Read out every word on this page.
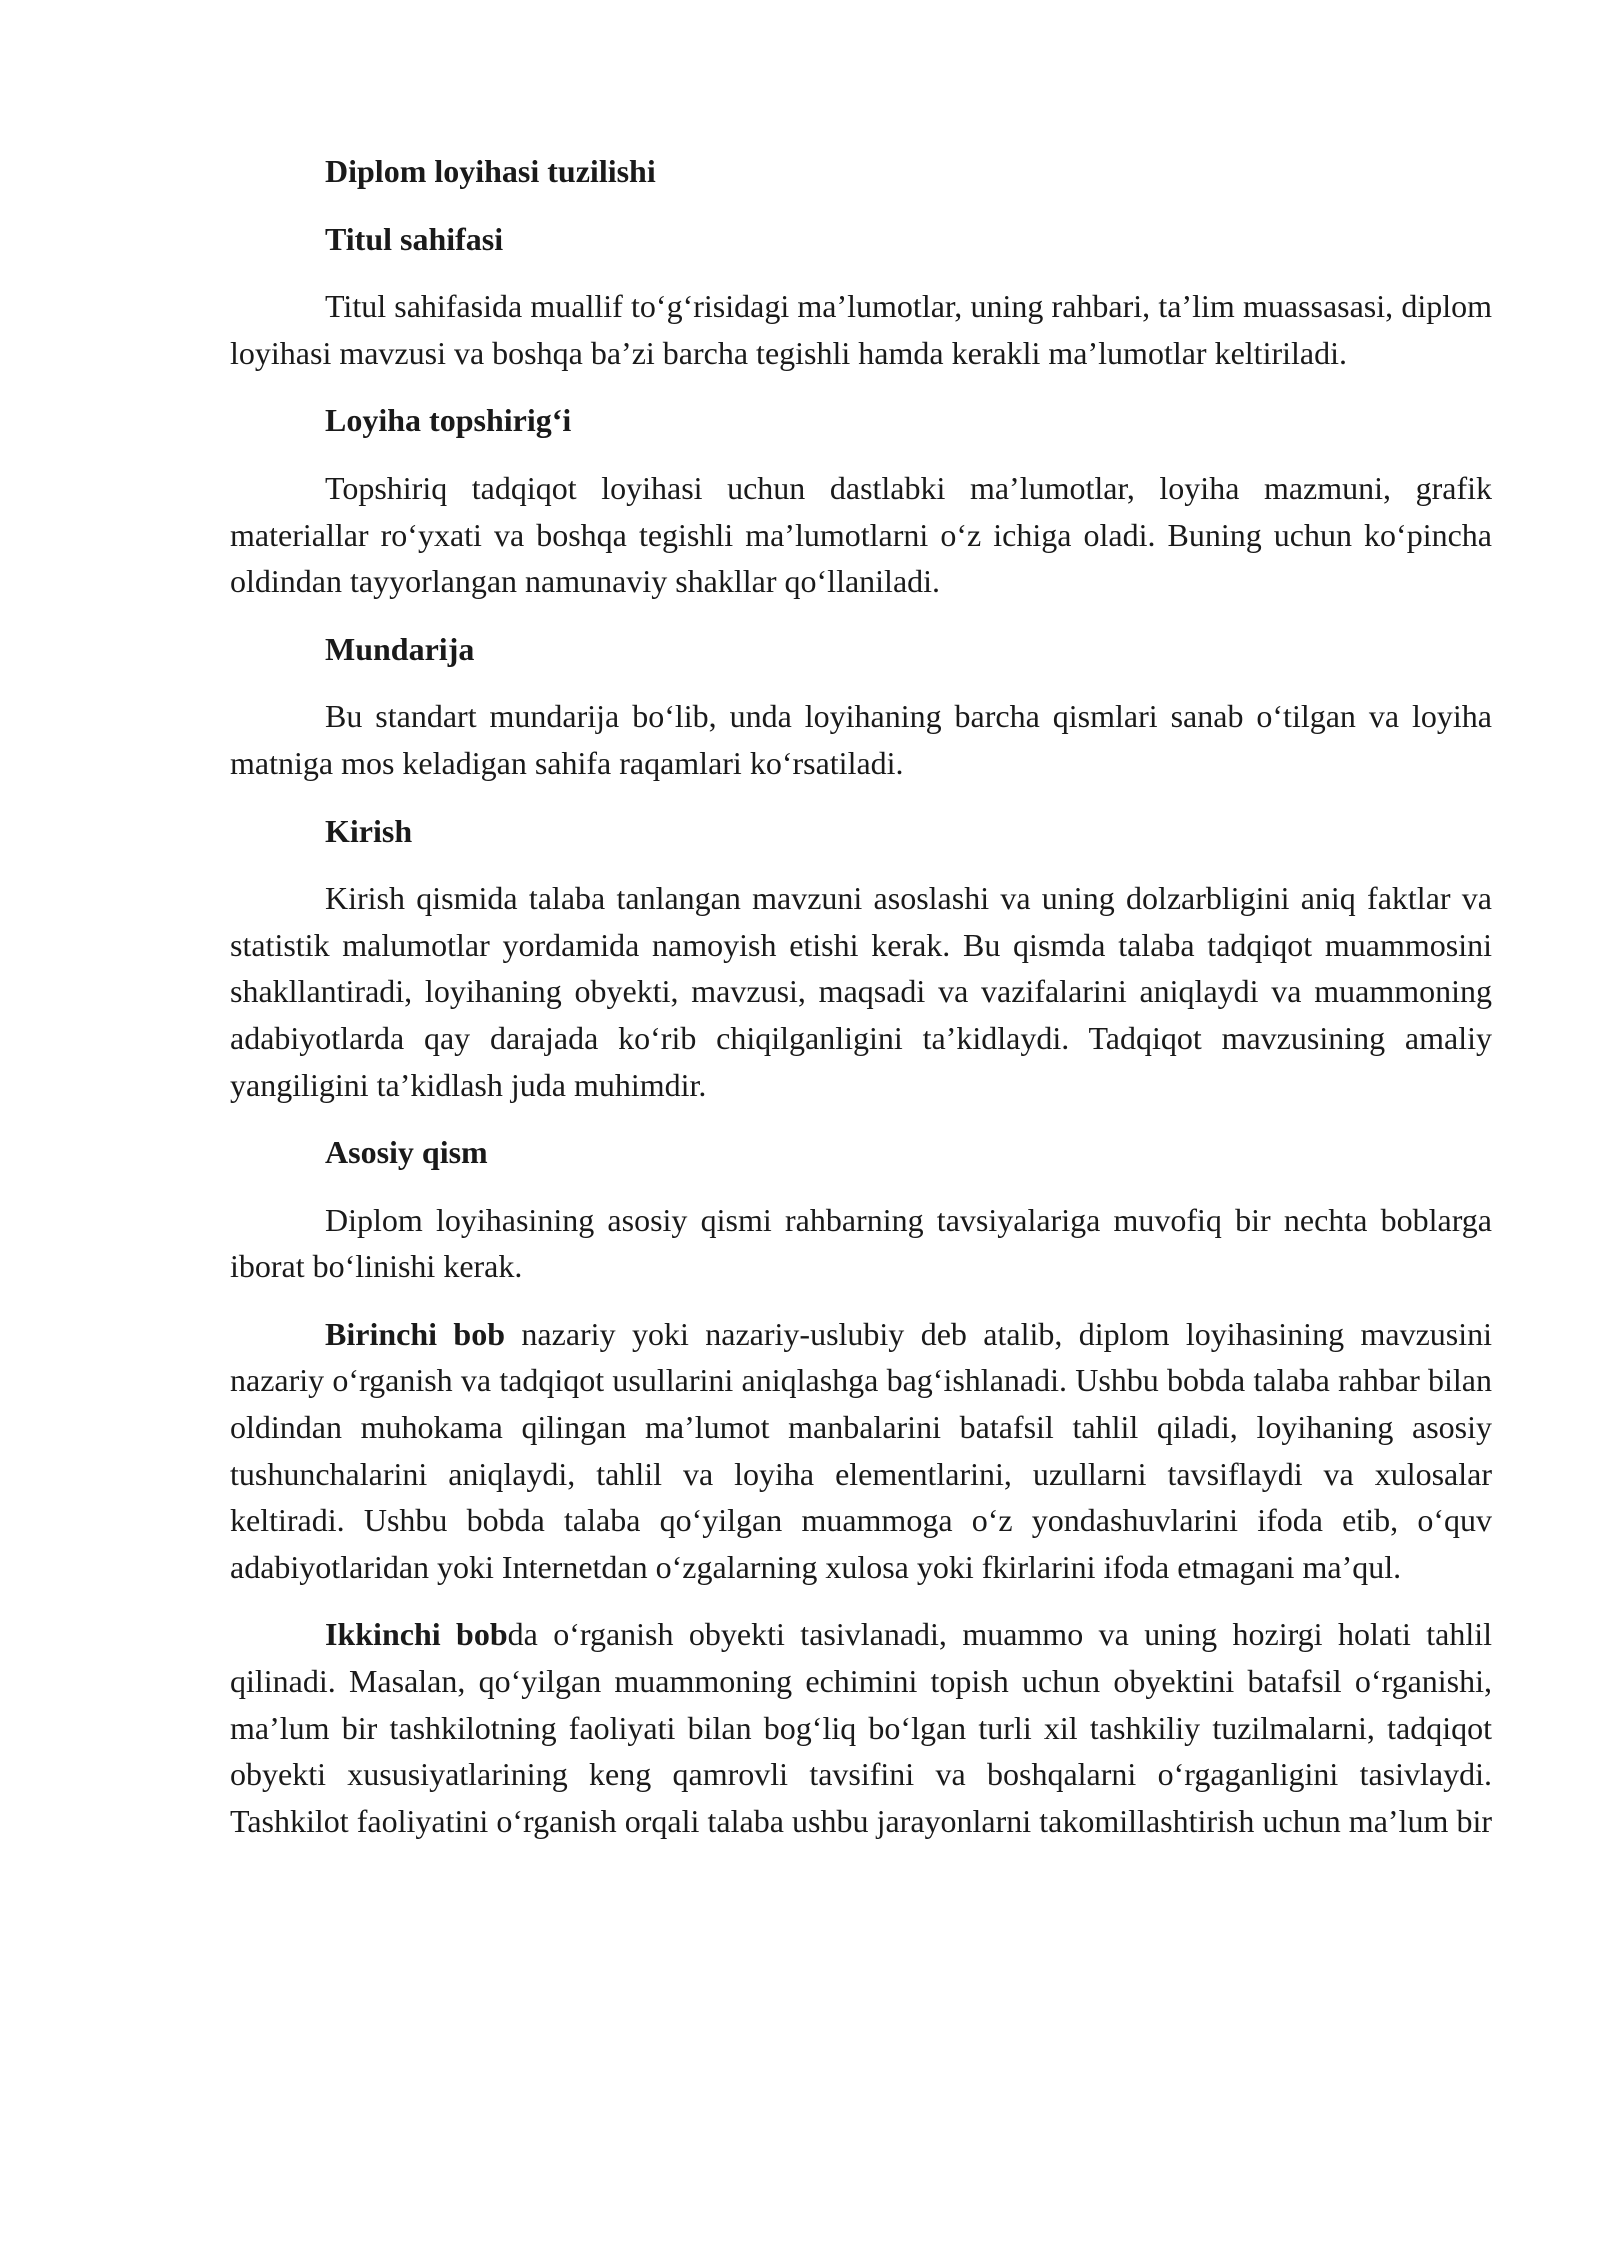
Diplom loyihasi tuzilishi
Titul sahifasi
Titul sahifasida muallif to‘g‘risidagi ma’lumotlar, uning rahbari, ta’lim muassasasi, diplom loyihasi mavzusi va boshqa ba’zi barcha tegishli hamda kerakli ma’lumotlar keltiriladi.
Loyiha topshirig‘i
Topshiriq tadqiqot loyihasi uchun dastlabki ma’lumotlar, loyiha mazmuni, grafik materiallar ro‘yxati va boshqa tegishli ma’lumotlarni o‘z ichiga oladi. Buning uchun ko‘pincha oldindan tayyorlangan namunaviy shakllar qo‘llaniladi.
Mundarija
Bu standart mundarija bo‘lib, unda loyihaning barcha qismlari sanab o‘tilgan va loyiha matniga mos keladigan sahifa raqamlari ko‘rsatiladi.
Kirish
Kirish qismida talaba tanlangan mavzuni asoslashi va uning dolzarbligini aniq faktlar va statistik malumotlar yordamida namoyish etishi kerak. Bu qismda talaba tadqiqot muammosini shakllantiradi, loyihaning obyekti, mavzusi, maqsadi va vazifalarini aniqlaydi va muammoning adabiyotlarda qay darajada ko‘rib chiqilganligini ta’kidlaydi. Tadqiqot mavzusining amaliy yangiligini ta’kidlash juda muhimdir.
Asosiy qism
Diplom loyihasining asosiy qismi rahbarning tavsiyalariga muvofiq bir nechta boblarga iborat bo‘linishi kerak.
Birinchi bob nazariy yoki nazariy-uslubiy deb atalib, diplom loyihasining mavzusini nazariy o‘rganish va tadqiqot usullarini aniqlashga bag‘ishlanadi. Ushbu bobda talaba rahbar bilan oldindan muhokama qilingan ma’lumot manbalarini batafsil tahlil qiladi, loyihaning asosiy tushunchalarini aniqlaydi, tahlil va loyiha elementlarini, uzullarni tavsiflaydi va xulosalar keltiradi. Ushbu bobda talaba qo‘yilgan muammoga o‘z yondashuvlarini ifoda etib, o‘quv adabiyotlaridan yoki Internetdan o‘zgalarning xulosa yoki fkirlarini ifoda etmagani ma’qul.
Ikkinchi bobda o‘rganish obyekti tasivlanadi, muammo va uning hozirgi holati tahlil qilinadi. Masalan, qo‘yilgan muammoning echimini topish uchun obyektini batafsil o‘rganishi, ma’lum bir tashkilotning faoliyati bilan bog‘liq bo‘lgan turli xil tashkiliy tuzilmalarni, tadqiqot obyekti xususiyatlarining keng qamrovli tavsifini va boshqalarni o‘rgaganligini tasivlaydi. Tashkilot faoliyatini o‘rganish orqali talaba ushbu jarayonlarni takomillashtirish uchun ma’lum bir
